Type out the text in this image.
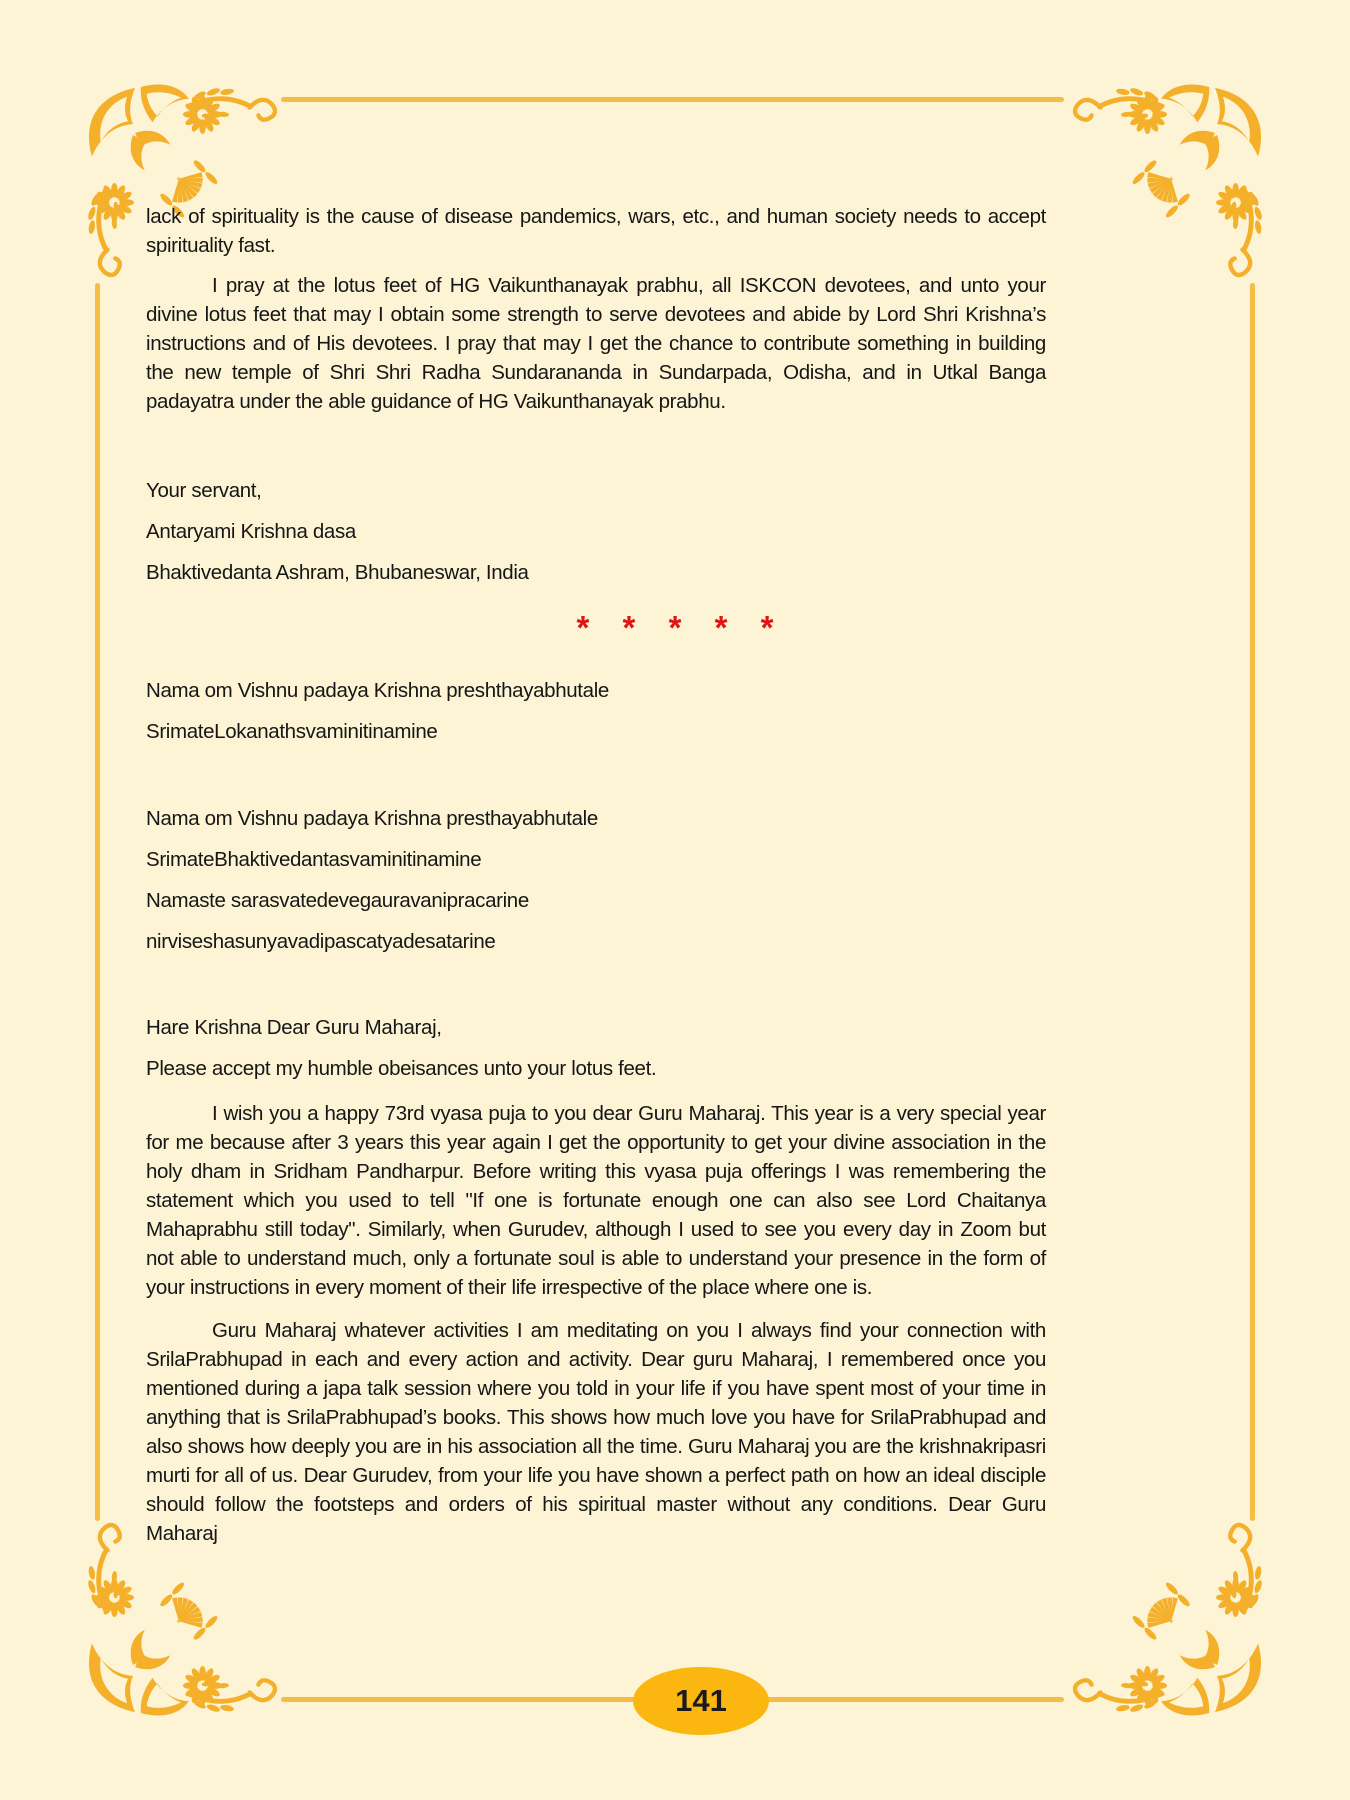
lack of spirituality is the cause of disease pandemics, wars, etc., and human society needs to accept spirituality fast.

I pray at the lotus feet of HG Vaikunthanayak prabhu, all ISKCON devotees, and unto your divine lotus feet that may I obtain some strength to serve devotees and abide by Lord Shri Krishna’s instructions and of His devotees. I pray that may I get the chance to contribute something in building the new temple of Shri Shri Radha Sundarananda in Sundarpada, Odisha, and in Utkal Banga padayatra under the able guidance of HG Vaikunthanayak prabhu.

Your servant,

Antaryami Krishna dasa

Bhaktivedanta Ashram, Bhubaneswar, India

* * * * *

Nama om Vishnu padaya Krishna preshthayabhutale

SrimateLokanathsvaminitinamine

Nama om Vishnu padaya Krishna presthayabhutale

SrimateBhaktivedantasvaminitinamine

Namaste sarasvatedevegauravanipracarine

nirviseshasunyavadipascatyadesatarine

Hare Krishna Dear Guru Maharaj,

Please accept my humble obeisances unto your lotus feet.

I wish you a happy 73rd vyasa puja to you dear Guru Maharaj. This year is a very special year for me because after 3 years this year again I get the opportunity to get your divine association in the holy dham in Sridham Pandharpur. Before writing this vyasa puja offerings I was remembering the statement which you used to tell "If one is fortunate enough one can also see Lord Chaitanya Mahaprabhu still today". Similarly, when Gurudev, although I used to see you every day in Zoom but not able to understand much, only a fortunate soul is able to understand your presence in the form of your instructions in every moment of their life irrespective of the place where one is.

Guru Maharaj whatever activities I am meditating on you I always find your connection with SrilaPrabhupad in each and every action and activity. Dear guru Maharaj, I remembered once you mentioned during a japa talk session where you told in your life if you have spent most of your time in anything that is SrilaPrabhupad’s books. This shows how much love you have for SrilaPrabhupad and also shows how deeply you are in his association all the time. Guru Maharaj you are the krishnakripasri murti for all of us. Dear Gurudev, from your life you have shown a perfect path on how an ideal disciple should follow the footsteps and orders of his spiritual master without any conditions. Dear Guru Maharaj

141
